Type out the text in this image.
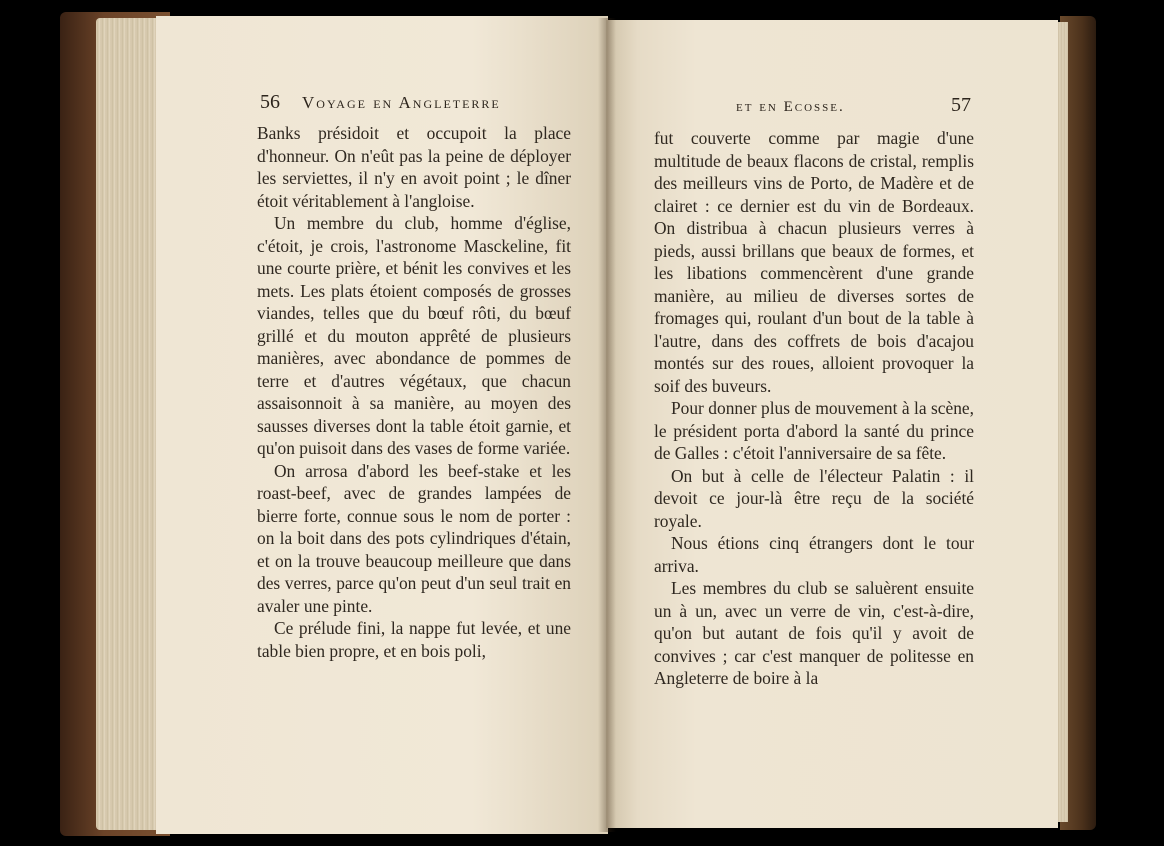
56 Voyage en Angleterre

Banks présidoit et occupoit la place d'honneur. On n'eût pas la peine de déployer les serviettes, il n'y en avoit point ; le dîner étoit véritablement à l'angloise.

Un membre du club, homme d'église, c'étoit, je crois, l'astronome Masckeline, fit une courte prière, et bénit les convives et les mets. Les plats étoient composés de grosses viandes, telles que du bœuf rôti, du bœuf grillé et du mouton apprêté de plusieurs manières, avec abondance de pommes de terre et d'autres végétaux, que chacun assaisonnoit à sa manière, au moyen des sausses diverses dont la table étoit garnie, et qu'on puisoit dans des vases de forme variée.

On arrosa d'abord les beef-stake et les roast-beef, avec de grandes lampées de bierre forte, connue sous le nom de porter : on la boit dans des pots cylindriques d'étain, et on la trouve beaucoup meilleure que dans des verres, parce qu'on peut d'un seul trait en avaler une pinte.

Ce prélude fini, la nappe fut levée, et une table bien propre, et en bois poli,

et en Ecosse.	57

fut couverte comme par magie d'une multitude de beaux flacons de cristal, remplis des meilleurs vins de Porto, de Madère et de clairet : ce dernier est du vin de Bordeaux. On distribua à chacun plusieurs verres à pieds, aussi brillans que beaux de formes, et les libations commencèrent d'une grande manière, au milieu de diverses sortes de fromages qui, roulant d'un bout de la table à l'autre, dans des coffrets de bois d'acajou montés sur des roues, alloient provoquer la soif des buveurs.

Pour donner plus de mouvement à la scène, le président porta d'abord la santé du prince de Galles : c'étoit l'anniversaire de sa fête.

On but à celle de l'électeur Palatin : il devoit ce jour-là être reçu de la société royale.

Nous étions cinq étrangers dont le tour arriva.

Les membres du club se saluèrent ensuite un à un, avec un verre de vin, c'est-à-dire, qu'on but autant de fois qu'il y avoit de convives ; car c'est manquer de politesse en Angleterre de boire à la
